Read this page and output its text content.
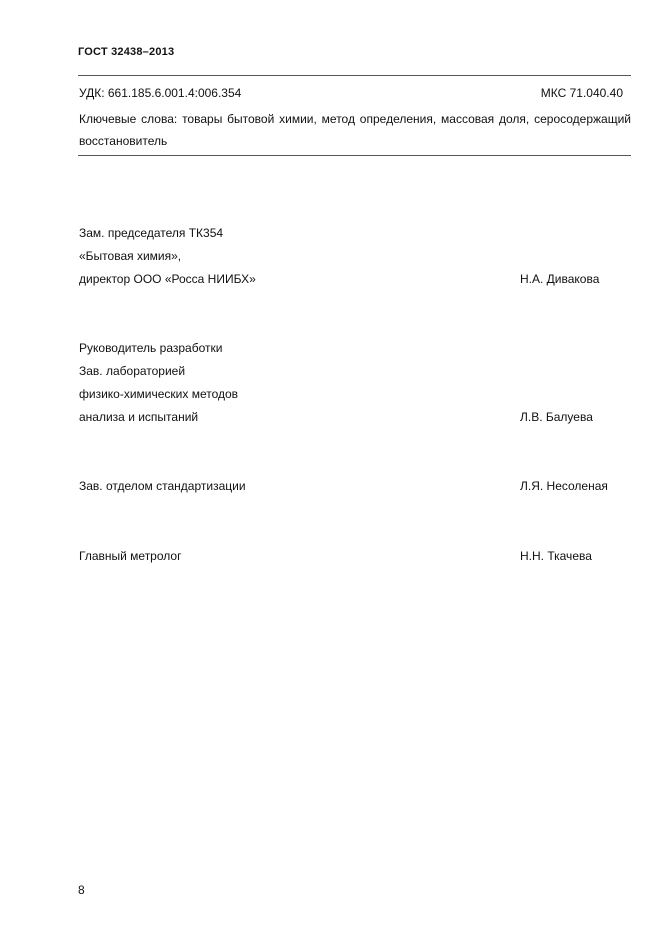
ГОСТ 32438–2013
УДК: 661.185.6.001.4:006.354	МКС 71.040.40
Ключевые слова: товары бытовой химии, метод определения, массовая доля, серосодержащий восстановитель
Зам. председателя ТК354
«Бытовая химия»,
директор ООО «Росса НИИБХ»	Н.А. Дивакова
Руководитель разработки
Зав. лабораторией
физико-химических методов
анализа и испытаний	Л.В. Балуева
Зав. отделом стандартизации	Л.Я. Несоленая
Главный метролог	Н.Н. Ткачева
8
